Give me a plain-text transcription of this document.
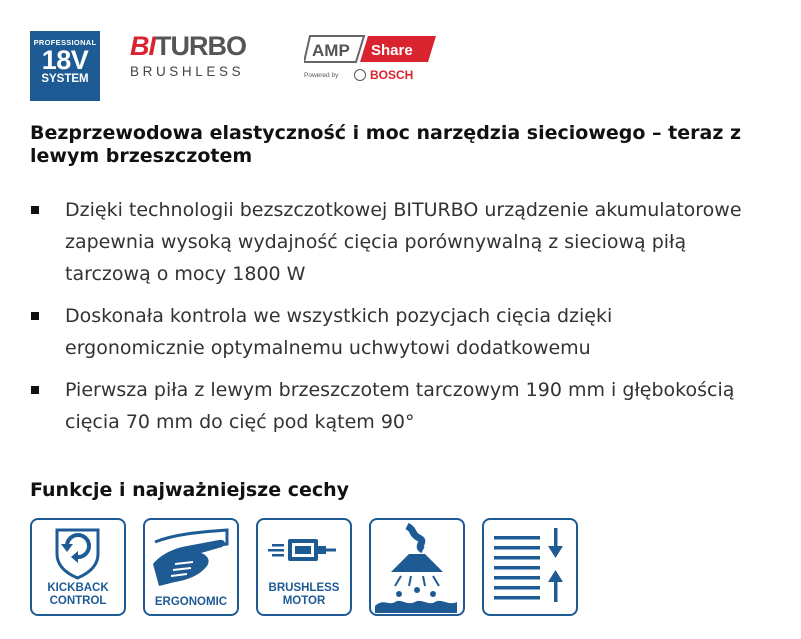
PROFESSIONAL
18V
SYSTEM
BITURBO
BRUSHLESS
AMP Share
Powered by	BOSCH
Bezprzewodowa elastyczność i moc narzędzia sieciowego – teraz z lewym brzeszczotem
Dzięki technologii bezszczotkowej BITURBO urządzenie akumulatorowe zapewnia wysoką wydajność cięcia porównywalną z sieciową piłą tarczową o mocy 1800 W
Doskonała kontrola we wszystkich pozycjach cięcia dzięki ergonomicznie optymalnemu uchwytowi dodatkowemu
Pierwsza piła z lewym brzeszczotem tarczowym 190 mm i głębokością cięcia 70 mm do cięć pod kątem 90°
Funkcje i najważniejsze cechy
KICKBACK
CONTROL	ERGONOMIC
BRUSHLESS
MOTOR
